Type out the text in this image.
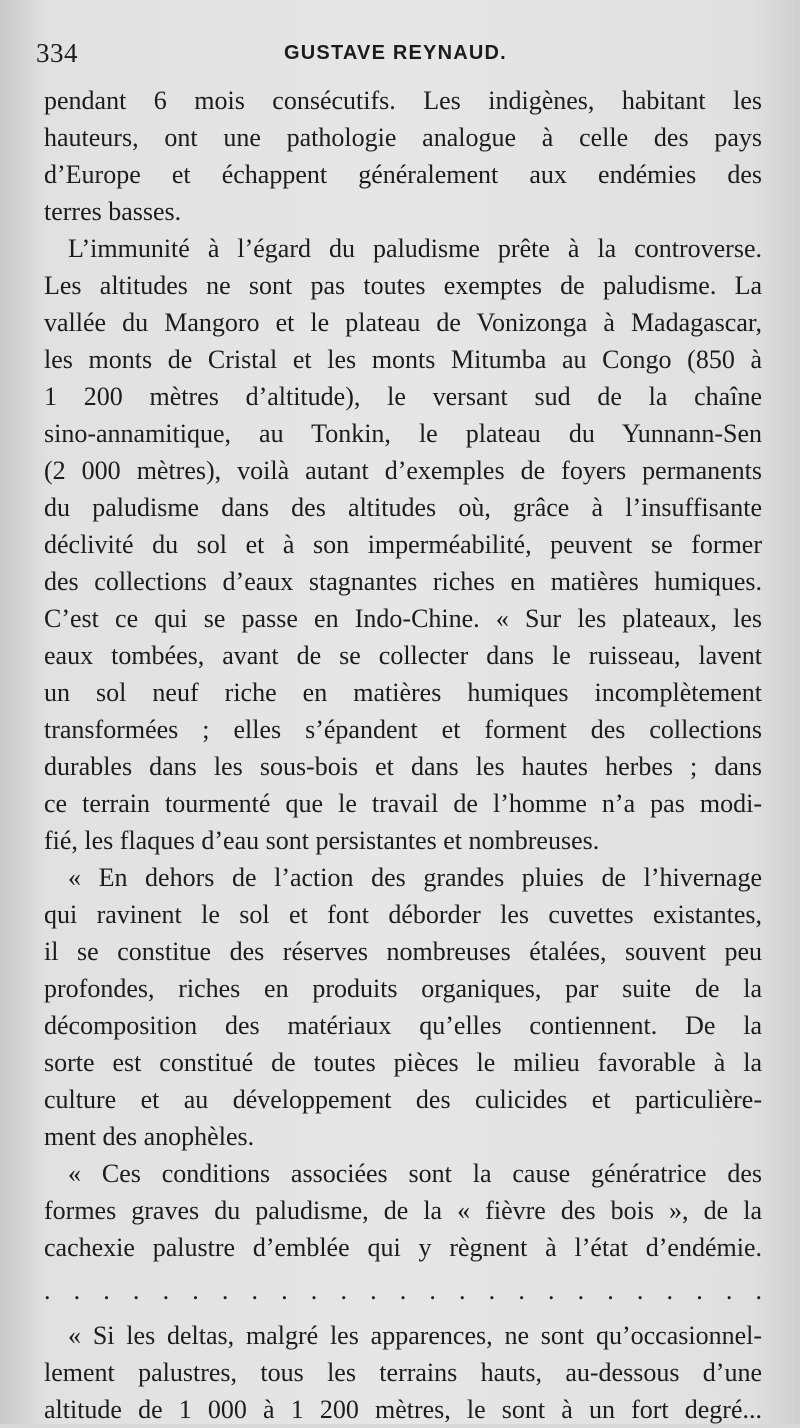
334	GUSTAVE REYNAUD.
pendant 6 mois consécutifs. Les indigènes, habitant les
hauteurs, ont une pathologie analogue à celle des pays
d’Europe et échappent généralement aux endémies des
terres basses.
L’immunité à l’égard du paludisme prête à la controverse.
Les altitudes ne sont pas toutes exemptes de paludisme. La
vallée du Mangoro et le plateau de Vonizonga à Madagascar,
les monts de Cristal et les monts Mitumba au Congo (850 à
1 200 mètres d’altitude), le versant sud de la chaîne
sino-annamitique, au Tonkin, le plateau du Yunnann-Sen
(2 000 mètres), voilà autant d’exemples de foyers permanents
du paludisme dans des altitudes où, grâce à l’insuffisante
déclivité du sol et à son imperméabilité, peuvent se former
des collections d’eaux stagnantes riches en matières humiques.
C’est ce qui se passe en Indo-Chine. « Sur les plateaux, les
eaux tombées, avant de se collecter dans le ruisseau, lavent
un sol neuf riche en matières humiques incomplètement
transformées ; elles s’épandent et forment des collections
durables dans les sous-bois et dans les hautes herbes ; dans
ce terrain tourmenté que le travail de l’homme n’a pas modi-
fié, les flaques d’eau sont persistantes et nombreuses.
« En dehors de l’action des grandes pluies de l’hivernage
qui ravinent le sol et font déborder les cuvettes existantes,
il se constitue des réserves nombreuses étalées, souvent peu
profondes, riches en produits organiques, par suite de la
décomposition des matériaux qu’elles contiennent. De la
sorte est constitué de toutes pièces le milieu favorable à la
culture et au développement des culicides et particulière-
ment des anophèles.
« Ces conditions associées sont la cause génératrice des
formes graves du paludisme, de la « fièvre des bois », de la
cachexie palustre d’emblée qui y règnent à l’état d’endémie.
. . . . . . . . . . . . . . . . . . . . . . . . .
« Si les deltas, malgré les apparences, ne sont qu’occasionnel-
lement palustres, tous les terrains hauts, au-dessous d’une
altitude de 1 000 à 1 200 mètres, le sont à un fort degré...
